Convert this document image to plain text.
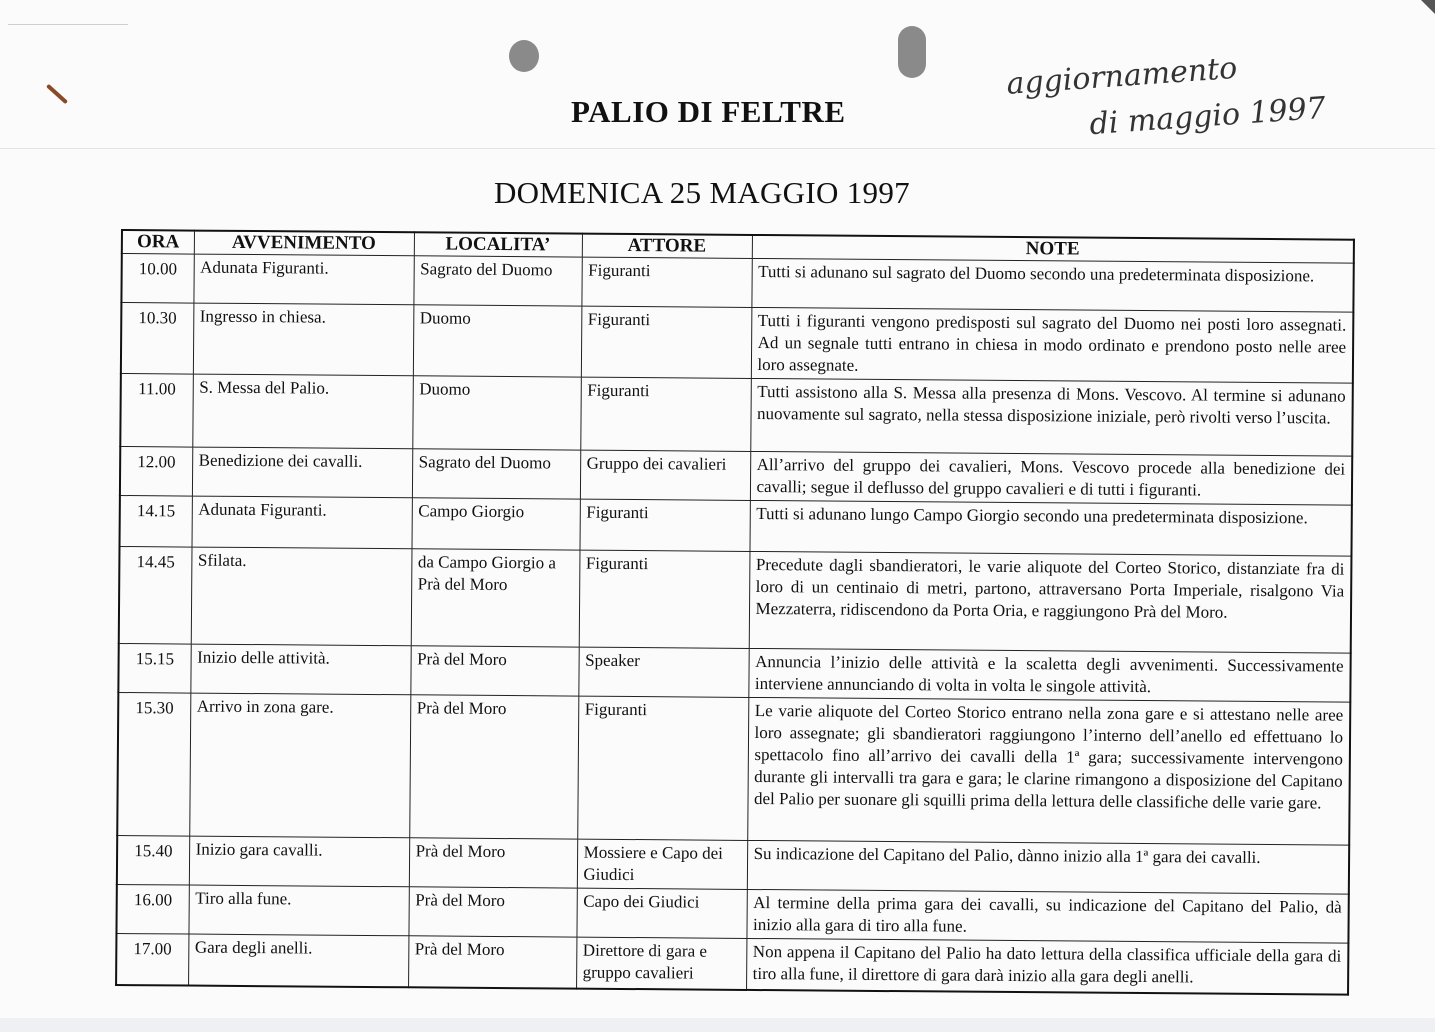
PALIO DI FELTRE
aggiornamento
di maggio 1997
DOMENICA 25 MAGGIO 1997
ORA	AVVENIMENTO	LOCALITA’	ATTORE	NOTE
10.00	Adunata Figuranti.	Sagrato del Duomo	Figuranti	Tutti si adunano sul sagrato del Duomo secondo una predeterminata disposizione.
10.30	Ingresso in chiesa.	Duomo	Figuranti	Tutti i figuranti vengono predisposti sul sagrato del Duomo nei posti loro assegnati. Ad un segnale tutti entrano in chiesa in modo ordinato e prendono posto nelle aree loro assegnate.
11.00	S. Messa del Palio.	Duomo	Figuranti	Tutti assistono alla S. Messa alla presenza di Mons. Vescovo. Al termine si adunano nuovamente sul sagrato, nella stessa disposizione iniziale, però rivolti verso l’uscita.
12.00	Benedizione dei cavalli.	Sagrato del Duomo	Gruppo dei cavalieri	All’arrivo del gruppo dei cavalieri, Mons. Vescovo procede alla benedizione dei cavalli; segue il deflusso del gruppo cavalieri e di tutti i figuranti.
14.15	Adunata Figuranti.	Campo Giorgio	Figuranti	Tutti si adunano lungo Campo Giorgio secondo una predeterminata disposizione.
14.45	Sfilata.	da Campo Giorgio a Prà del Moro	Figuranti	Precedute dagli sbandieratori, le varie aliquote del Corteo Storico, distanziate fra di loro di un centinaio di metri, partono, attraversano Porta Imperiale, risalgono Via Mezzaterra, ridiscendono da Porta Oria, e raggiungono Prà del Moro.
15.15	Inizio delle attività.	Prà del Moro	Speaker	Annuncia l’inizio delle attività e la scaletta degli avvenimenti. Successivamente interviene annunciando di volta in volta le singole attività.
15.30	Arrivo in zona gare.	Prà del Moro	Figuranti	Le varie aliquote del Corteo Storico entrano nella zona gare e si attestano nelle aree loro assegnate; gli sbandieratori raggiungono l’interno dell’anello ed effettuano lo spettacolo fino all’arrivo dei cavalli della 1ª gara; successivamente intervengono durante gli intervalli tra gara e gara; le clarine rimangono a disposizione del Capitano del Palio per suonare gli squilli prima della lettura delle classifiche delle varie gare.
15.40	Inizio gara cavalli.	Prà del Moro	Mossiere e Capo dei Giudici	Su indicazione del Capitano del Palio, dànno inizio alla 1ª gara dei cavalli.
16.00	Tiro alla fune.	Prà del Moro	Capo dei Giudici	Al termine della prima gara dei cavalli, su indicazione del Capitano del Palio, dà inizio alla gara di tiro alla fune.
17.00	Gara degli anelli.	Prà del Moro	Direttore di gara e gruppo cavalieri	Non appena il Capitano del Palio ha dato lettura della classifica ufficiale della gara di tiro alla fune, il direttore di gara darà inizio alla gara degli anelli.
